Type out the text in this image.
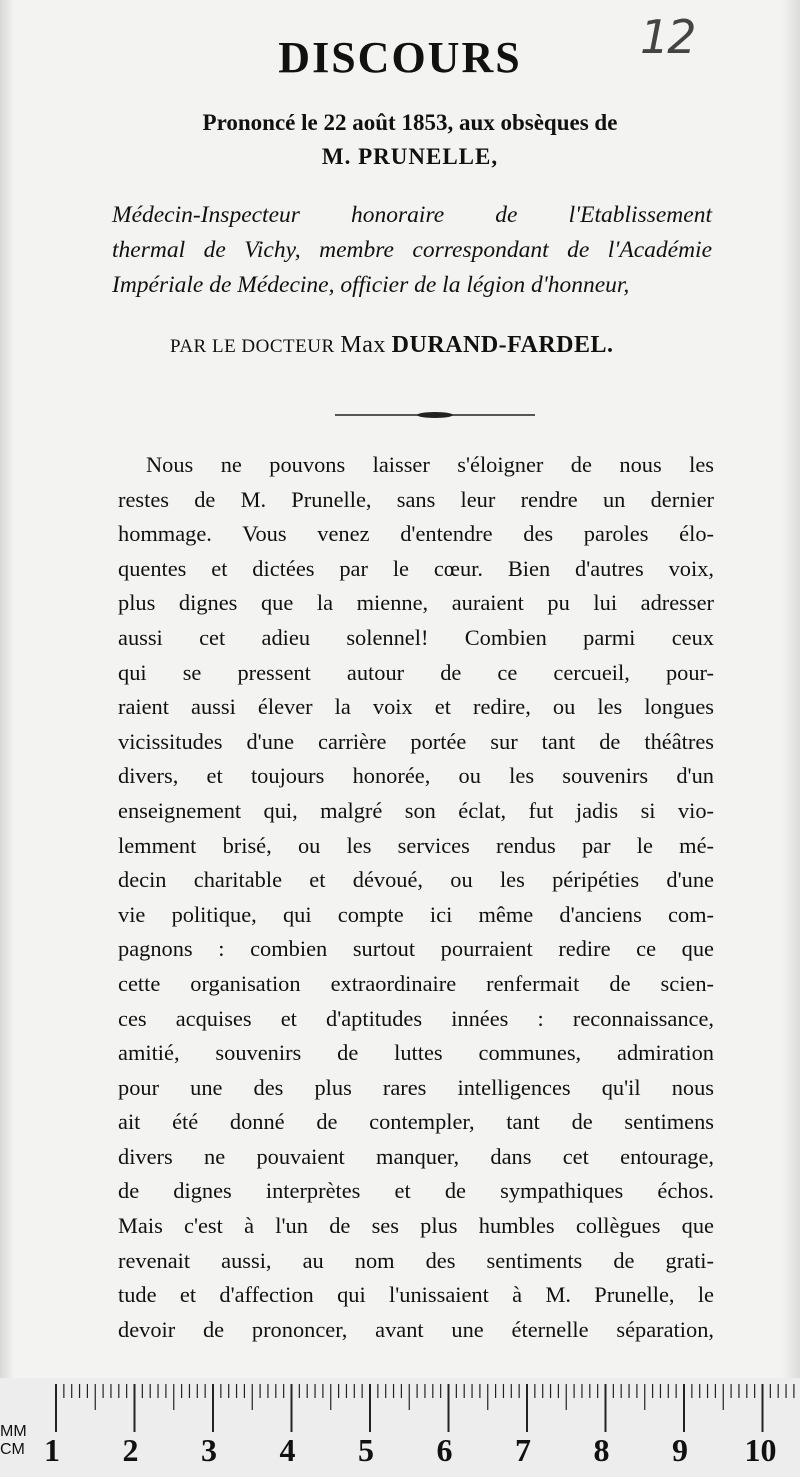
12
DISCOURS
Prononcé le 22 août 1853, aux obsèques de
M. PRUNELLE,
Médecin-Inspecteur honoraire de l'Etablissement
thermal de Vichy, membre correspondant de l'Académie
Impériale de Médecine, officier de la légion d'honneur,
PAR LE DOCTEUR Max DURAND-FARDEL.
Nous ne pouvons laisser s'éloigner de nous les
restes de M. Prunelle, sans leur rendre un dernier
hommage. Vous venez d'entendre des paroles élo-
quentes et dictées par le cœur. Bien d'autres voix,
plus dignes que la mienne, auraient pu lui adresser
aussi cet adieu solennel! Combien parmi ceux
qui se pressent autour de ce cercueil, pour-
raient aussi élever la voix et redire, ou les longues
vicissitudes d'une carrière portée sur tant de théâtres
divers, et toujours honorée, ou les souvenirs d'un
enseignement qui, malgré son éclat, fut jadis si vio-
lemment brisé, ou les services rendus par le mé-
decin charitable et dévoué, ou les péripéties d'une
vie politique, qui compte ici même d'anciens com-
pagnons : combien surtout pourraient redire ce que
cette organisation extraordinaire renfermait de scien-
ces acquises et d'aptitudes innées : reconnaissance,
amitié, souvenirs de luttes communes, admiration
pour une des plus rares intelligences qu'il nous
ait été donné de contempler, tant de sentimens
divers ne pouvaient manquer, dans cet entourage,
de dignes interprètes et de sympathiques échos.
Mais c'est à l'un de ses plus humbles collègues que
revenait aussi, au nom des sentiments de grati-
tude et d'affection qui l'unissaient à M. Prunelle, le
devoir de prononcer, avant une éternelle séparation,
MM
CM 1 2 3 4 5 6 7 8 9 10
